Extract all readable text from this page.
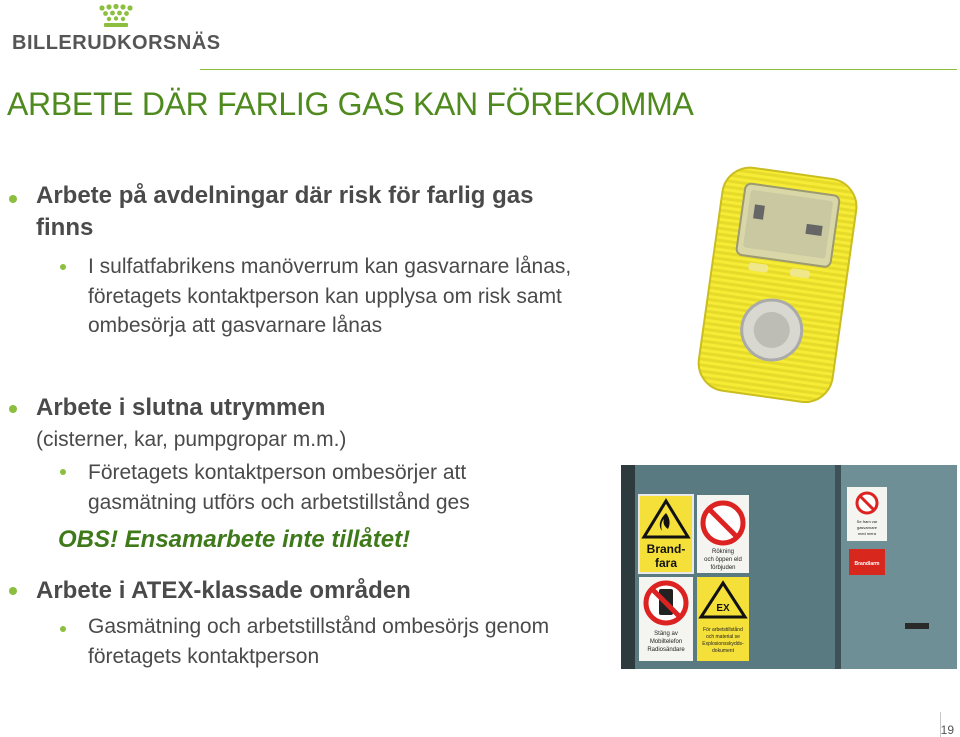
BILLERUDKORSNÄS
ARBETE DÄR FARLIG GAS KAN FÖREKOMMA
Arbete på avdelningar där risk för farlig gas finns
I sulfatfabrikens manöverrum kan gasvarnare lånas, företagets kontaktperson kan upplysa om risk samt ombesörja att gasvarnare lånas
Arbete i slutna utrymmen
(cisterner, kar, pumpgropar m.m.)
Företagets kontaktperson ombesörjer att gasmätning utförs och arbetstillstånd ges
OBS! Ensamarbete inte tillåtet!
Arbete i ATEX-klassade områden
Gasmätning och arbetstillstånd ombesörjs genom företagets kontaktperson
Brand-
fara
Rökning
och öppen eld
förbjuden
Stäng av
Mobiltelefon
Radiosändare
EX
För arbetstillstånd
och material se
Explosionsskydds-
dokument
Se fram var
gasvarnare
med mera
Brandlarm
19
